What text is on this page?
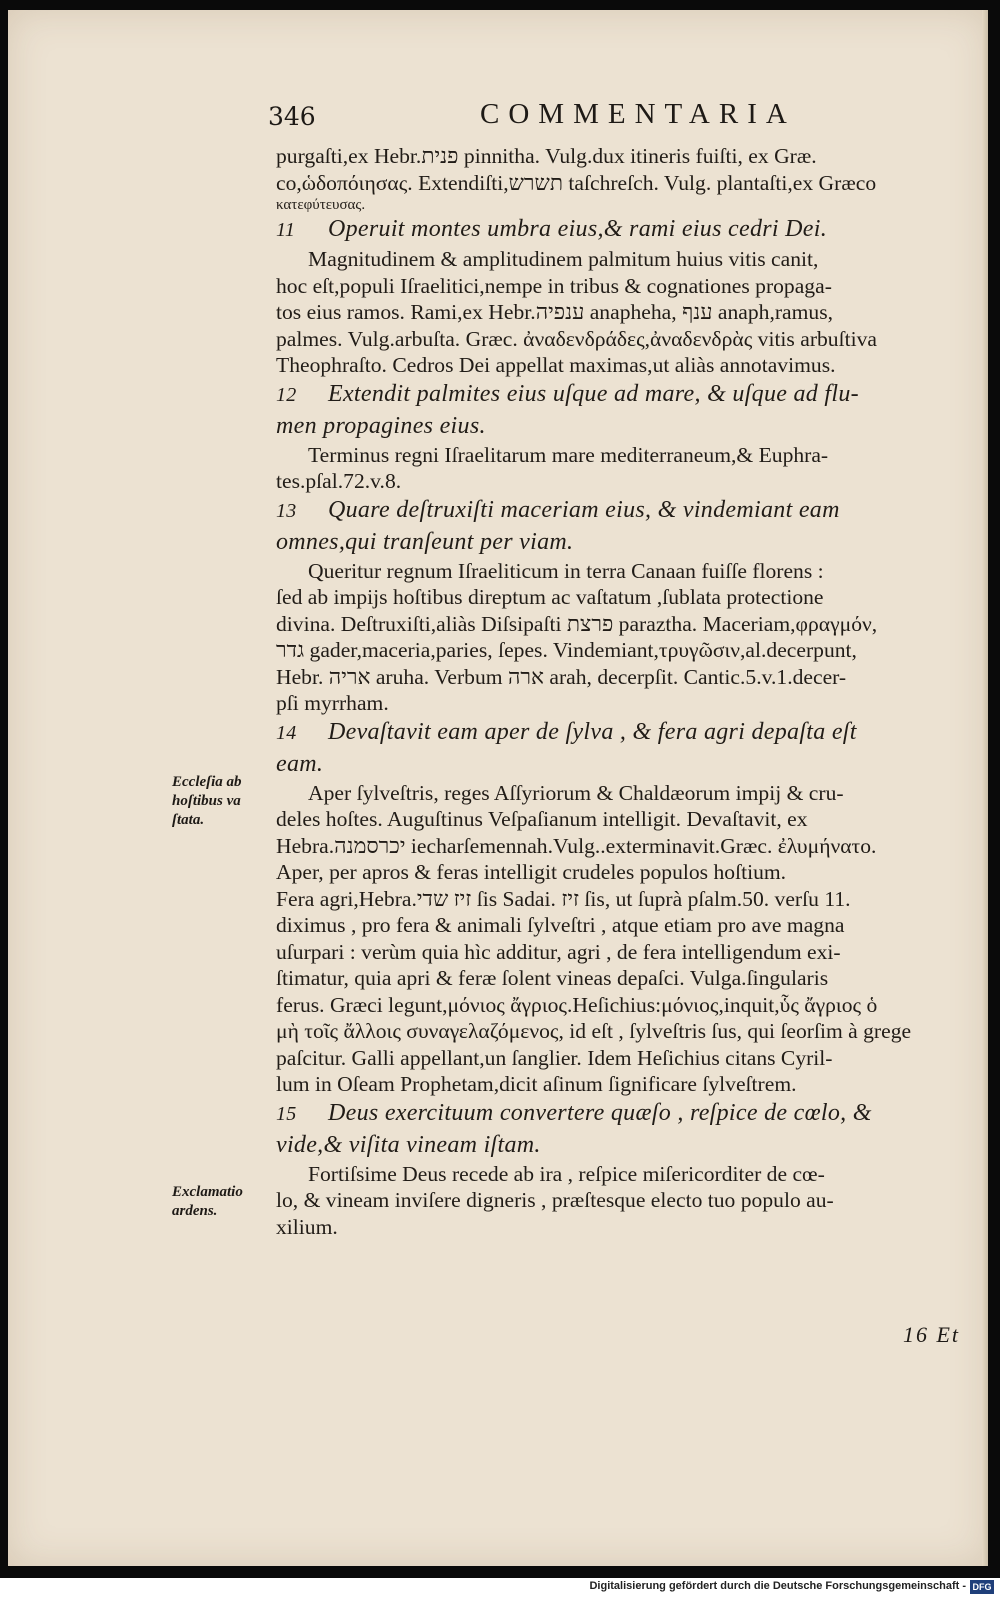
346	COMMENTARIA
purgaſti,ex Hebr.פנית pinnitha. Vulg.dux itineris fuiſti, ex Græ.
co,ὡδοπόιησας. Extendiſti,תשרש taſchreſch. Vulg. plantaſti,ex Græco
κατεφύτευσας.
11 Operuit montes umbra eius,& rami eius cedri Dei.
Magnitudinem & amplitudinem palmitum huius vitis canit,
hoc eſt,populi Iſraelitici,nempe in tribus & cognationes propaga-
tos eius ramos. Rami,ex Hebr.ענפיה anapheha, ענף anaph,ramus,
palmes. Vulg.arbuſta. Græc. ἀναδενδράδες,ἀναδενδρὰς vitis arbuſtiva
Theophraſto. Cedros Dei appellat maximas,ut aliàs annotavimus.
12 Extendit palmites eius uſque ad mare, & uſque ad flu-
men propagines eius.
Terminus regni Iſraelitarum mare mediterraneum,& Euphra-
tes.pſal.72.v.8.
13 Quare deſtruxiſti maceriam eius, & vindemiant eam
omnes,qui tranſeunt per viam.
Queritur regnum Iſraeliticum in terra Canaan fuiſſe florens :
ſed ab impijs hoſtibus direptum ac vaſtatum ,ſublata protectione
divina. Deſtruxiſti,aliàs Diſsipaſti פרצת paraztha. Maceriam,φραγμόν,
גדר gader,maceria,paries, ſepes. Vindemiant,τρυγῶσιν,al.decerpunt,
Hebr. אריה aruha. Verbum ארה arah, decerpſit. Cantic.5.v.1.decer-
pſi myrrham.
14 Devaſtavit eam aper de ſylva , & fera agri depaſta eſt
eam.
Aper ſylveſtris, reges Aſſyriorum & Chaldæorum impij & cru-
deles hoſtes. Auguſtinus Veſpaſianum intelligit. Devaſtavit, ex
Hebra.יכרסמנה iecharſemennah.Vulg..exterminavit.Græc. ἐλυμήνατο.
Aper, per apros & feras intelligit crudeles populos hoſtium.
Fera agri,Hebra.זיז שדי ſis Sadai. זיז ſis, ut ſuprà pſalm.50. verſu 11.
diximus , pro fera & animali ſylveſtri , atque etiam pro ave magna
uſurpari : verùm quia hìc additur, agri , de fera intelligendum exi-
ſtimatur, quia apri & feræ ſolent vineas depaſci. Vulga.ſingularis
ferus. Græci legunt,μόνιος ἄγριος.Heſichius:μόνιος,inquit,ὗς ἄγριος ὁ
μὴ τοῖς ἄλλοις συναγελαζόμενος, id eſt , ſylveſtris ſus, qui ſeorſim à grege
paſcitur. Galli appellant,un ſanglier. Idem Heſichius citans Cyril-
lum in Oſeam Prophetam,dicit aſinum ſignificare ſylveſtrem.
15 Deus exercituum convertere quæſo , reſpice de cœlo, &
vide,& viſita vineam iſtam.
Fortiſsime Deus recede ab ira , reſpice miſericorditer de cœ-
lo, & vineam inviſere digneris , præſtesque electo tuo populo au-
xilium.
Eccleſia ab hoſtibus va ſtata.
Exclamatio ardens.
16 Et
Digitalisierung gefördert durch die Deutsche Forschungsgemeinschaft - DFG
